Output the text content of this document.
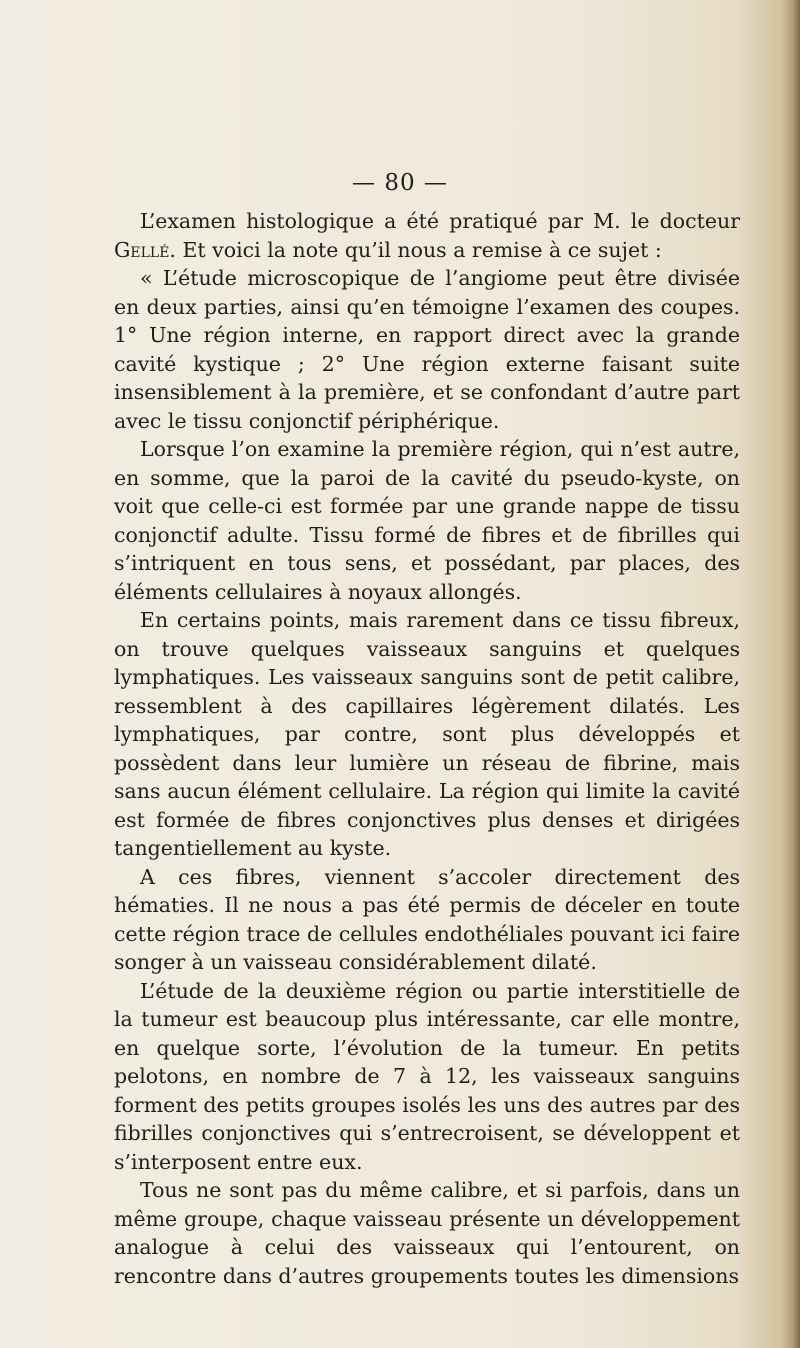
— 80 —

L’examen histologique a été pratiqué par M. le docteur Gellé. Et voici la note qu’il nous a remise à ce sujet :

« L’étude microscopique de l’angiome peut être divisée en deux parties, ainsi qu’en témoigne l’examen des coupes. 1° Une région interne, en rapport direct avec la grande cavité kystique ; 2° Une région externe faisant suite insensiblement à la première, et se confondant d’autre part avec le tissu conjonctif périphérique.

Lorsque l’on examine la première région, qui n’est autre, en somme, que la paroi de la cavité du pseudo-kyste, on voit que celle-ci est formée par une grande nappe de tissu conjonctif adulte. Tissu formé de fibres et de fibrilles qui s’intriquent en tous sens, et possédant, par places, des éléments cellulaires à noyaux allongés.

En certains points, mais rarement dans ce tissu fibreux, on trouve quelques vaisseaux sanguins et quelques lymphatiques. Les vaisseaux sanguins sont de petit calibre, ressemblent à des capillaires légèrement dilatés. Les lymphatiques, par contre, sont plus développés et possèdent dans leur lumière un réseau de fibrine, mais sans aucun élément cellulaire. La région qui limite la cavité est formée de fibres conjonctives plus denses et dirigées tangentiellement au kyste.

A ces fibres, viennent s’accoler directement des hématies. Il ne nous a pas été permis de déceler en toute cette région trace de cellules endothéliales pouvant ici faire songer à un vaisseau considérablement dilaté.

L’étude de la deuxième région ou partie interstitielle de la tumeur est beaucoup plus intéressante, car elle montre, en quelque sorte, l’évolution de la tumeur. En petits pelotons, en nombre de 7 à 12, les vaisseaux sanguins forment des petits groupes isolés les uns des autres par des fibrilles conjonctives qui s’entrecroisent, se développent et s’interposent entre eux.

Tous ne sont pas du même calibre, et si parfois, dans un même groupe, chaque vaisseau présente un développement analogue à celui des vaisseaux qui l’entourent, on rencontre dans d’autres groupements toutes les dimensions
